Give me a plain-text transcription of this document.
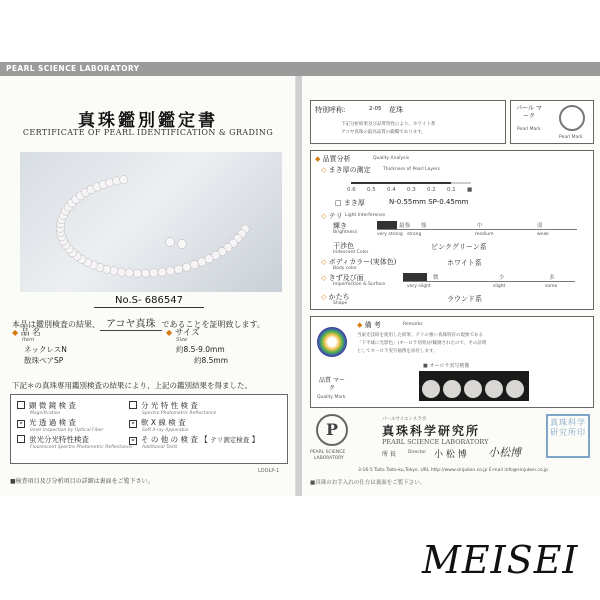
PEARL SCIENCE LABORATORY
真珠鑑別鑑定書
CERTIFICATE OF PEARL IDENTIFICATION & GRADING
No.S- 686547
本品は鑑別検査の結果、 アコヤ真珠 であることを証明致します。
◆ 品 名
Item
◆ サイズ
Size
ネックレスN	約8.5-9.0mm
散珠ペアSP	約8.5mm
下記＊の真珠専用鑑別検査の結果により、上記の鑑別結果を得ました。
顕 微 鏡 検 査
Magnification
分 光 特 性 検 査
Spectro Photometric Reflectance
* 光 透 過 検 査
Inner Inspection by Optical Fiber
* 軟 X 線 検 査
Soft X-ray Apparatus
蛍光分光特性検査
Fluorescent Spectro Photometric Reflectance
* そ の 他 の 検 査 【 テリ測定検査 】
Additional Tests
LDOLP-1
■検査項目及び分析項目の詳細は裏面をご覧下さい。
特別呼称:	2-05 花珠
下記分析結果及び品質特性により、ホワイト系
アコヤ真珠の最高品質の範疇であります。
パール マーク
Pearl Mark
Pearl Mark
◆ 品質分析	Quality Analysis
◇ まき厚の測定	Thickness of Pearl Layers
0.6 0.5 0.4 0.3 0.2 0.1 ■
□ まき厚	N-0.55mm SP-0.45mm
◇ テリ Light Interference
輝き
Brightness
最強 強	中	弱
very strong strong	medium	weak
干渉色
Iridescent Color
ピンクグリーン系
◇ ボディカラー(実体色)
Body color
ホワイト系
◇ きず及び面
Imperfection & Surface
微	少	多
very slight	slight	some
◇ かたち
Shape
ラウンド系
◆ 備 考	Remarks
当東光技研を使用した結果、テリの強い真珠特有の現象である
「下半球に光影色」(オーロラ効果)が観測されたので、その証明
としてオーロラ実写画像を添付します。
■ オーロラ実写画像
品質 マーク
Quality Mark
P
PEARL SCIENCE
LABORATORY
パールサイエンスラボ
真珠科学研究所
PEARL SCIENCE LABORATORY
所 長	Director 小 松 博 小松博
真珠科学研究所印
3-16-5 Taito Taito-ku,Tokyo. URL http://www.sinjuken.co.jp E-mail info@sinjuken.co.jp
■真珠のお手入れの仕方は裏面をご覧下さい。
MEISEI
